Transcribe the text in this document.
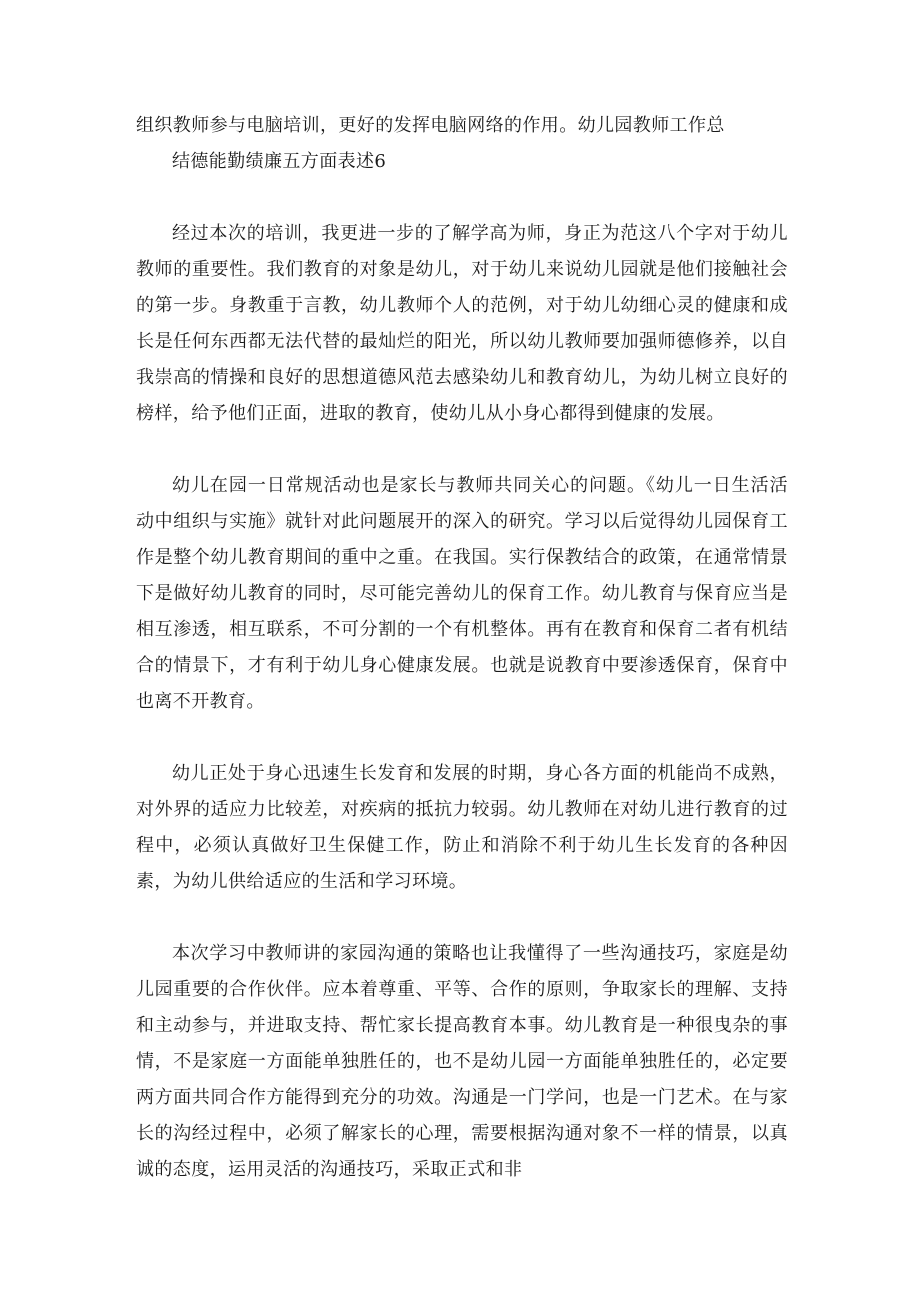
组织教师参与电脑培训，更好的发挥电脑网络的作用。幼儿园教师工作总
结德能勤绩廉五方面表述6

经过本次的培训，我更进一步的了解学高为师，身正为范这八个字对于幼儿教师的重要性。我们教育的对象是幼儿，对于幼儿来说幼儿园就是他们接触社会的第一步。身教重于言教，幼儿教师个人的范例，对于幼儿幼细心灵的健康和成长是任何东西都无法代替的最灿烂的阳光，所以幼儿教师要加强师德修养，以自我崇高的情操和良好的思想道德风范去感染幼儿和教育幼儿，为幼儿树立良好的榜样，给予他们正面，进取的教育，使幼儿从小身心都得到健康的发展。

幼儿在园一日常规活动也是家长与教师共同关心的问题。《幼儿一日生活活动中组织与实施》就针对此问题展开的深入的研究。学习以后觉得幼儿园保育工作是整个幼儿教育期间的重中之重。在我国。实行保教结合的政策，在通常情景下是做好幼儿教育的同时，尽可能完善幼儿的保育工作。幼儿教育与保育应当是相互渗透，相互联系，不可分割的一个有机整体。再有在教育和保育二者有机结合的情景下，才有利于幼儿身心健康发展。也就是说教育中要渗透保育，保育中也离不开教育。

幼儿正处于身心迅速生长发育和发展的时期，身心各方面的机能尚不成熟，对外界的适应力比较差，对疾病的抵抗力较弱。幼儿教师在对幼儿进行教育的过程中，必须认真做好卫生保健工作，防止和消除不利于幼儿生长发育的各种因素，为幼儿供给适应的生活和学习环境。

本次学习中教师讲的家园沟通的策略也让我懂得了一些沟通技巧，家庭是幼儿园重要的合作伙伴。应本着尊重、平等、合作的原则，争取家长的理解、支持和主动参与，并进取支持、帮忙家长提高教育本事。幼儿教育是一种很曳杂的事情，不是家庭一方面能单独胜任的，也不是幼儿园一方面能单独胜任的，必定要两方面共同合作方能得到充分的功效。沟通是一门学问，也是一门艺术。在与家长的沟经过程中，必须了解家长的心理，需要根据沟通对象不一样的情景，以真诚的态度，运用灵活的沟通技巧，采取正式和非
